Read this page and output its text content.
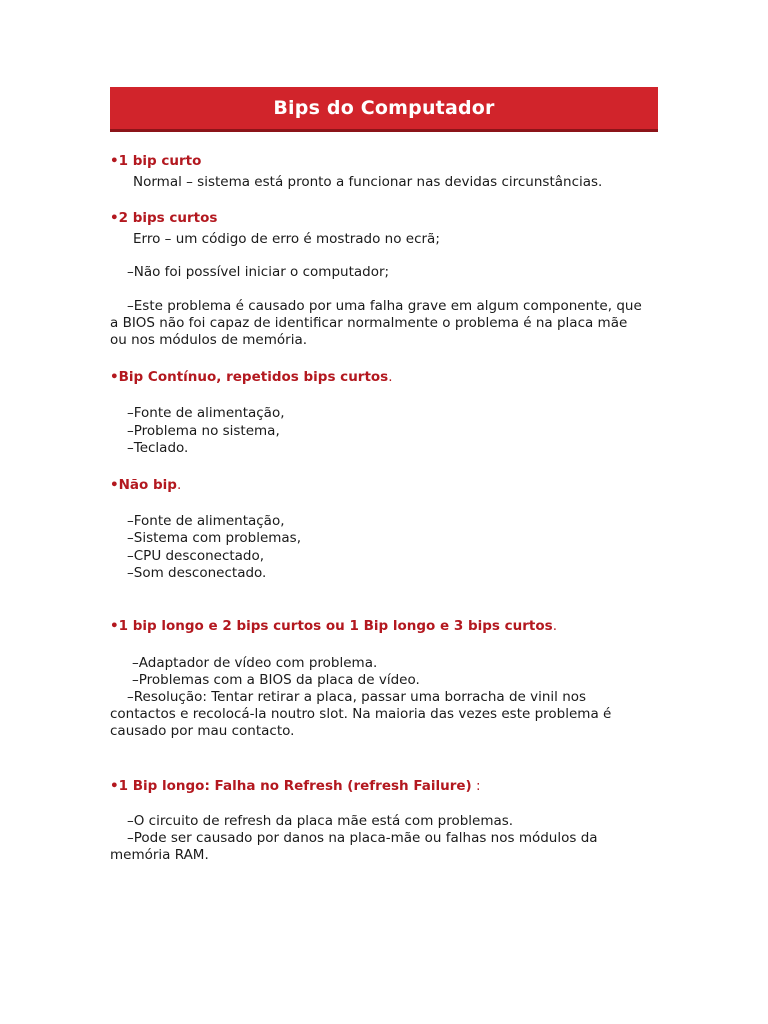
Bips do Computador
•1 bip curto
Normal – sistema está pronto a funcionar nas devidas circunstâncias.
•2 bips curtos
Erro – um código de erro é mostrado no ecrã;
–Não foi possível iniciar o computador;
–Este problema é causado por uma falha grave em algum componente, que
a BIOS não foi capaz de identificar normalmente o problema é na placa mãe
ou nos módulos de memória.
•Bip Contínuo, repetidos bips curtos.
–Fonte de alimentação,
–Problema no sistema,
–Teclado.
•Não bip.
–Fonte de alimentação,
–Sistema com problemas,
–CPU desconectado,
–Som desconectado.
•1 bip longo e 2 bips curtos ou 1 Bip longo e 3 bips curtos.
–Adaptador de vídeo com problema.
–Problemas com a BIOS da placa de vídeo.
–Resolução: Tentar retirar a placa, passar uma borracha de vinil nos
contactos e recolocá-la noutro slot. Na maioria das vezes este problema é
causado por mau contacto.
•1 Bip longo: Falha no Refresh (refresh Failure) :
–O circuito de refresh da placa mãe está com problemas.
–Pode ser causado por danos na placa-mãe ou falhas nos módulos da
memória RAM.
